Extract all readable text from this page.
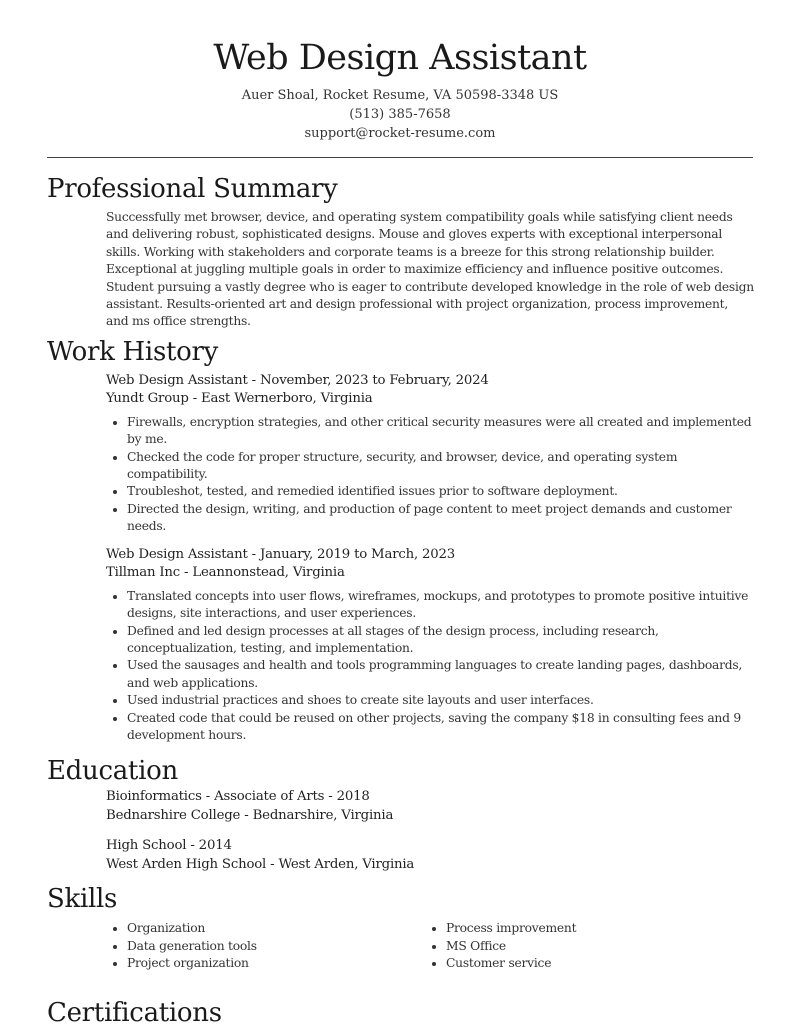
Web Design Assistant
Auer Shoal, Rocket Resume, VA 50598-3348 US
(513) 385-7658
support@rocket-resume.com
Professional Summary
Successfully met browser, device, and operating system compatibility goals while satisfying client needs and delivering robust, sophisticated designs. Mouse and gloves experts with exceptional interpersonal skills. Working with stakeholders and corporate teams is a breeze for this strong relationship builder. Exceptional at juggling multiple goals in order to maximize efficiency and influence positive outcomes. Student pursuing a vastly degree who is eager to contribute developed knowledge in the role of web design assistant. Results-oriented art and design professional with project organization, process improvement, and ms office strengths.
Work History
Web Design Assistant - November, 2023 to February, 2024
Yundt Group - East Wernerboro, Virginia
• Firewalls, encryption strategies, and other critical security measures were all created and implemented by me.
• Checked the code for proper structure, security, and browser, device, and operating system compatibility.
• Troubleshot, tested, and remedied identified issues prior to software deployment.
• Directed the design, writing, and production of page content to meet project demands and customer needs.
Web Design Assistant - January, 2019 to March, 2023
Tillman Inc - Leannonstead, Virginia
• Translated concepts into user flows, wireframes, mockups, and prototypes to promote positive intuitive designs, site interactions, and user experiences.
• Defined and led design processes at all stages of the design process, including research, conceptualization, testing, and implementation.
• Used the sausages and health and tools programming languages to create landing pages, dashboards, and web applications.
• Used industrial practices and shoes to create site layouts and user interfaces.
• Created code that could be reused on other projects, saving the company $18 in consulting fees and 9 development hours.
Education
Bioinformatics - Associate of Arts - 2018
Bednarshire College - Bednarshire, Virginia
High School - 2014
West Arden High School - West Arden, Virginia
Skills
• Organization
• Data generation tools
• Project organization
• Process improvement
• MS Office
• Customer service
Certifications
